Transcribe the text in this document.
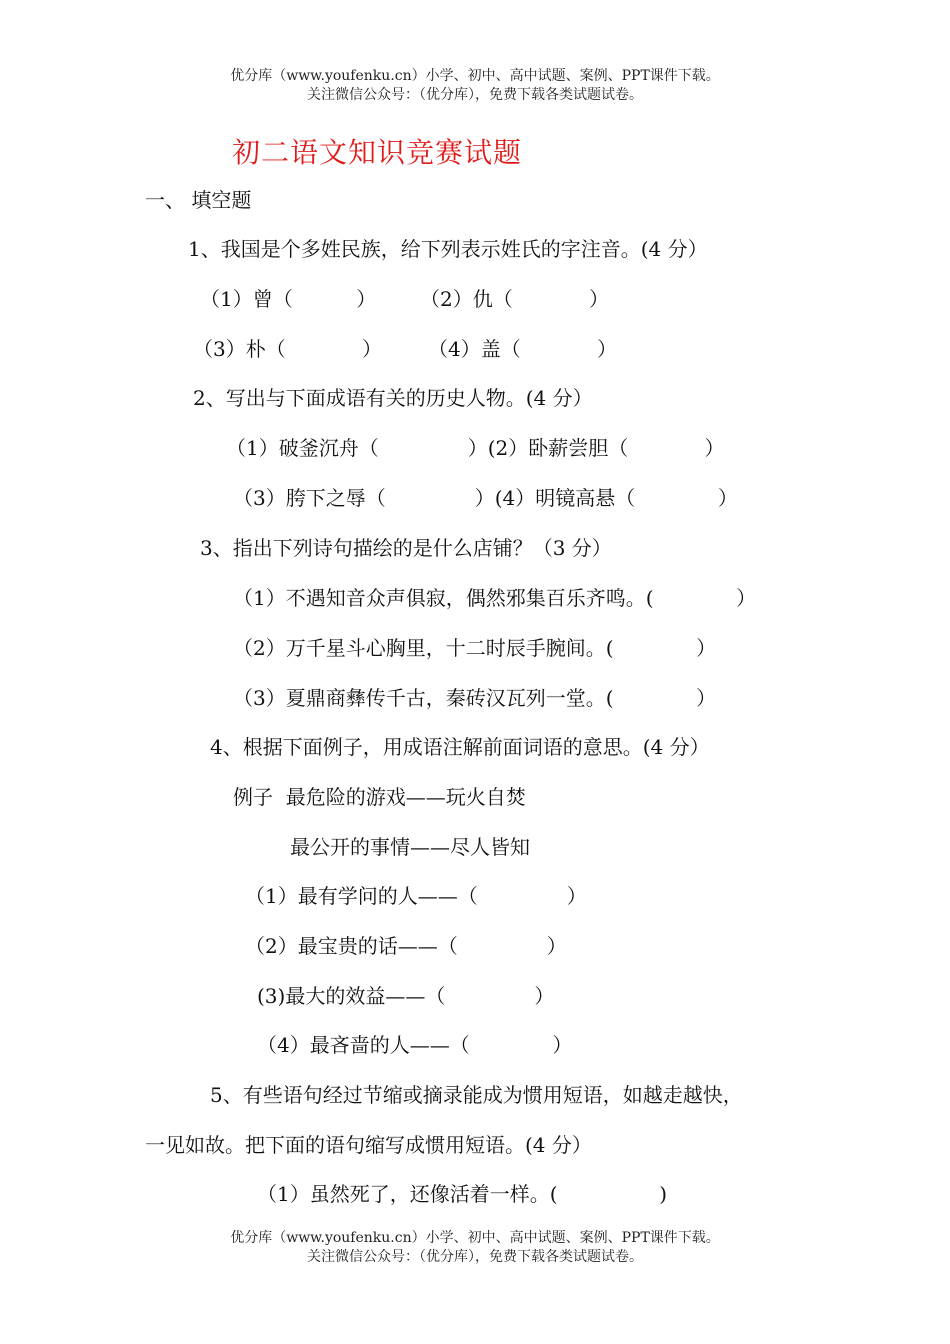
优分库（www.youfenku.cn）小学、初中、高中试题、案例、PPT课件下载。
关注微信公众号：（优分库），免费下载各类试题试卷。
初二语文知识竞赛试题
一、 填空题
1、我国是个多姓民族，给下列表示姓氏的字注音。(4 分）
（1）曾（          ） （2）仇（            ）
（3）朴（            ） （4）盖（            ）
2、写出与下面成语有关的历史人物。(4 分）
（1）破釜沉舟（              ）(2）卧薪尝胆（            ）
（3）胯下之辱（              ）(4）明镜高悬（             ）
3、指出下列诗句描绘的是什么店铺？（3 分）
（1）不遇知音众声俱寂，偶然邪集百乐齐鸣。(             ）
（2）万千星斗心胸里，十二时辰手腕间。(             ）
（3）夏鼎商彝传千古，秦砖汉瓦列一堂。(             ）
4、根据下面例子，用成语注解前面词语的意思。(4 分）
例子  最危险的游戏——玩火自焚
最公开的事情——尽人皆知
（1）最有学问的人——（              ）
（2）最宝贵的话——（              ）
(3)最大的效益——（              ）
（4）最吝啬的人——（             ）
5、有些语句经过节缩或摘录能成为惯用短语，如越走越快，
一见如故。把下面的语句缩写成惯用短语。(4 分）
（1）虽然死了，还像活着一样。(                )
优分库（www.youfenku.cn）小学、初中、高中试题、案例、PPT课件下载。
关注微信公众号：（优分库），免费下载各类试题试卷。
